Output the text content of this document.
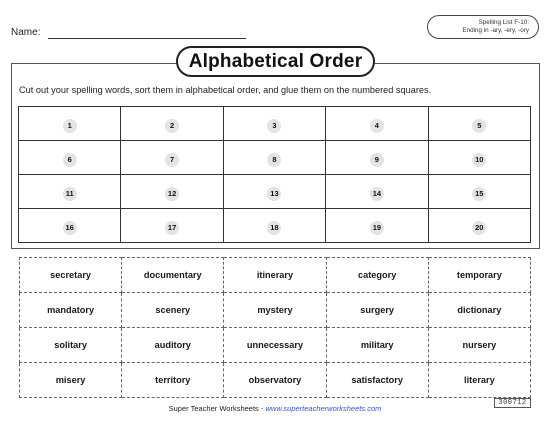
Name:
Spelling List F-10:
Ending in -ary, -ery, -ory
Alphabetical Order
Cut out your spelling words, sort them in alphabetical order, and glue them on the numbered squares.
1	2	3	4	5
6	7	8	9	10
11	12	13	14	15
16	17	18	19	20
secretary	documentary	itinerary	category	temporary
mandatory	scenery	mystery	surgery	dictionary
solitary	auditory	unnecessary	military	nursery
misery	territory	observatory	satisfactory	literary
Super Teacher Worksheets - www.superteacherworksheets.com
300712
